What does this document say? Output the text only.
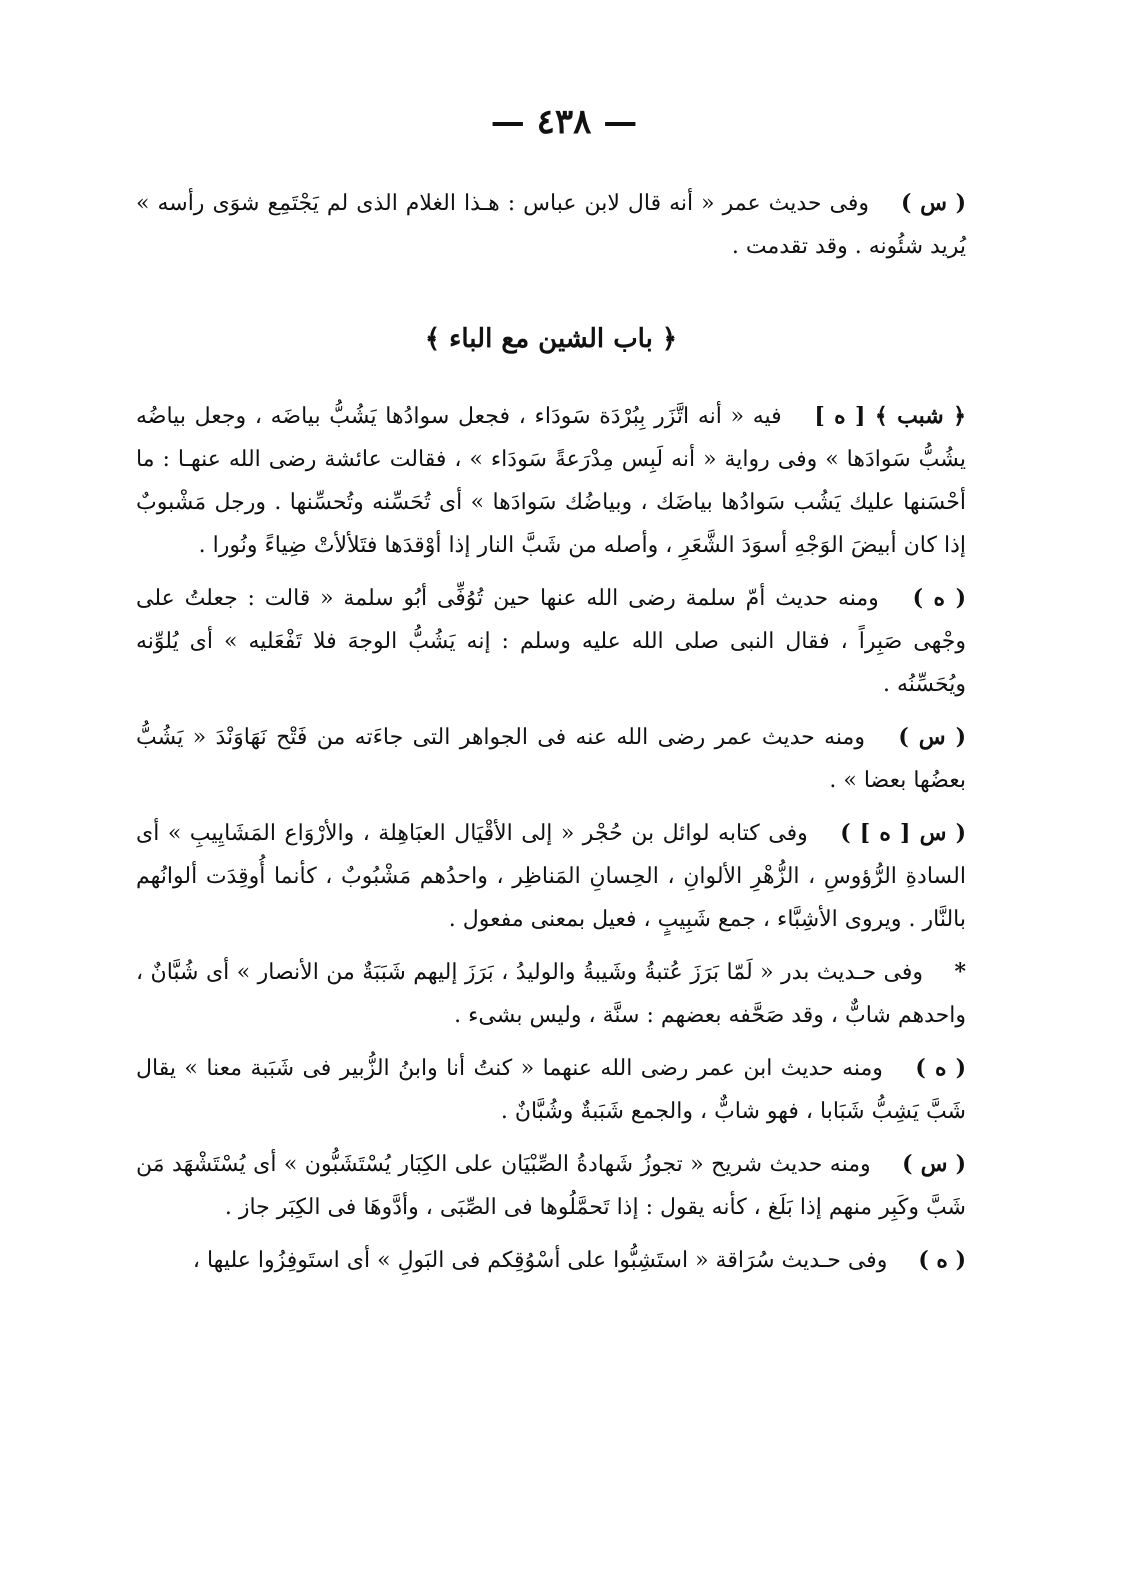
— ٤٣٨ —

( س ) وفى حديث عمر « أنه قال لابن عباس : هـذا الغلام الذى لم يَجْتَمِع شوَى رأسه » يُريد شئُونه . وقد تقدمت .

﴿ باب الشين مع الباء ﴾

﴿ شبب ﴾ [ ه ] فيه « أنه اتَّزَر بِبُرْدَة سَودَاء ، فجعل سوادُها يَشُبُّ بياضَه ، وجعل بياضُه يشُبُّ سَوادَها » وفى رواية « أنه لَبِس مِدْرَعةً سَودَاء » ، فقالت عائشة رضى الله عنهـا : ما أحْسَنها عليك يَشُب سَوادُها بياضَك ، وبياضُك سَوادَها » أى تُحَسِّنه وتُحسِّنها . ورجل مَشْبوبٌ إذا كان أبيضَ الوَجْهِ أسوَدَ الشَّعَرِ ، وأصله من شَبَّ النار إذا أوْقدَها فتَلألأتْ ضِياءً ونُورا .

( ه ) ومنه حديث أمّ سلمة رضى الله عنها حين تُوُفِّى أبُو سلمة « قالت : جعلتُ على وجْهى صَبِراً ، فقال النبى صلى الله عليه وسلم : إنه يَشُبُّ الوجهَ فلا تَفْعَليه » أى يُلوِّنه ويُحَسِّنُه .

( س ) ومنه حديث عمر رضى الله عنه فى الجواهر التى جاءَته من فَتْح نَهَاوَنْدَ « يَشُبُّ بعضُها بعضا » .

( س [ ه ] ) وفى كتابه لوائل بن حُجْر « إلى الأقْيَال العبَاهِلة ، والأرْوَاع المَشَايِيبِ » أى السادةِ الرُّؤوسِ ، الزُّهْرِ الألوانِ ، الحِسانِ المَناظِر ، واحدُهم مَشْبُوبٌ ، كأنما أُوقِدَت ألوانُهم بالنَّار . ويروى الأشِبَّاء ، جمع شَبِيبٍ ، فعيل بمعنى مفعول .

* وفى حـديث بدر « لَمّا بَرَزَ عُتبةُ وشَيبةُ والوليدُ ، بَرَزَ إليهم شَبَبَةٌ من الأنصار » أى شُبَّانٌ ، واحدهم شابٌّ ، وقد صَحَّفه بعضهم : سنَّة ، وليس بشىء .

( ه ) ومنه حديث ابن عمر رضى الله عنهما « كنتُ أنا وابنُ الزُّبير فى شَبَبة معنا » يقال شَبَّ يَشِبُّ شَبَابا ، فهو شابٌّ ، والجمع شَبَبةٌ وشُبَّانٌ .

( س ) ومنه حديث شريح « تجوزُ شَهادةُ الصِّبْيَان على الكِبَار يُسْتَشَبُّون » أى يُسْتَشْهَد مَن شَبَّ وكَبِر منهم إذا بَلَغ ، كأنه يقول : إذا تَحمَّلُوها فى الصِّبَى ، وأدَّوهَا فى الكِبَر جاز .

( ه ) وفى حـديث سُرَاقة « استَشِبُّوا على أسْوُقِكم فى البَولِ » أى استَوفِزُوا عليها ،
